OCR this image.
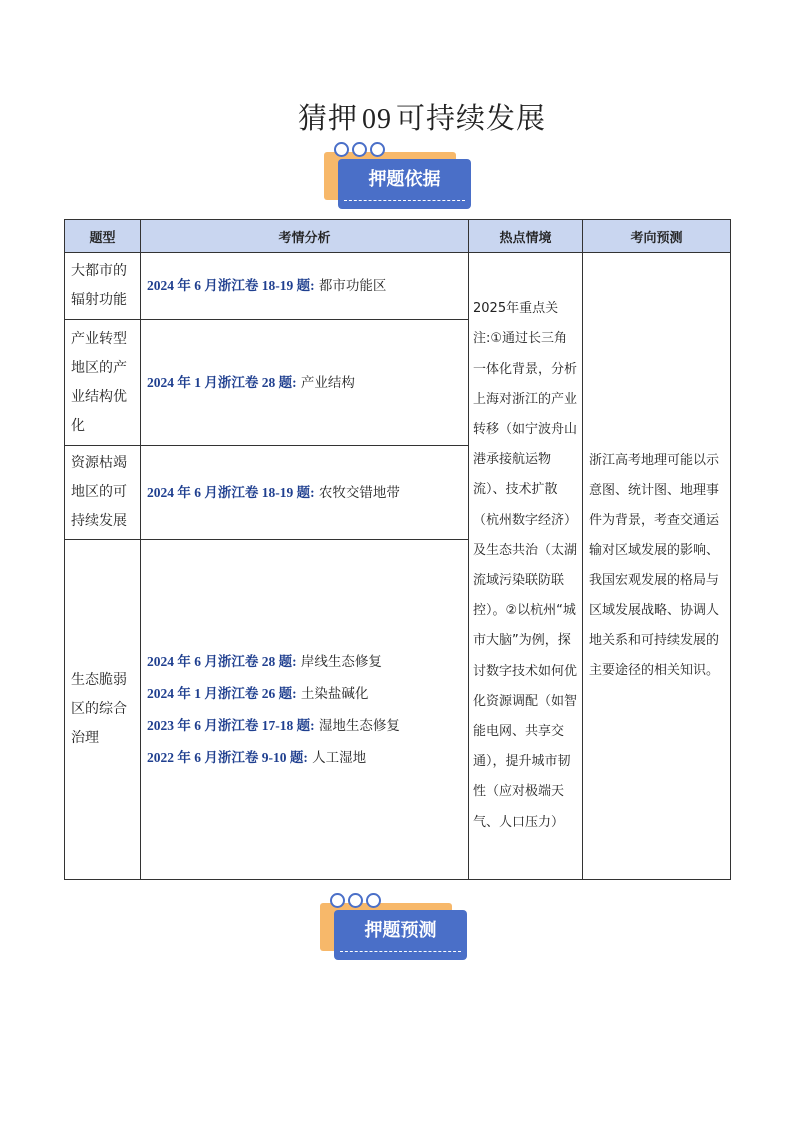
猜押 09 可持续发展
押题依据
题型	考情分析	热点情境	考向预测
大都市的辐射功能	2024 年 6 月浙江卷 18-19 题: 都市功能区	2025年重点关注:①通过长三角一体化背景，分析上海对浙江的产业转移（如宁波舟山港承接航运物流）、技术扩散（杭州数字经济）及生态共治（太湖流域污染联防联控）。②以杭州“城市大脑”为例，探讨数字技术如何优化资源调配（如智能电网、共享交通），提升城市韧性（应对极端天气、人口压力）	浙江高考地理可能以示意图、统计图、地理事件为背景，考查交通运输对区域发展的影响、我国宏观发展的格局与区域发展战略、协调人地关系和可持续发展的主要途径的相关知识。
产业转型地区的产业结构优化	2024 年 1 月浙江卷 28 题: 产业结构		

资源枯竭地区的可持续发展	2024 年 6 月浙江卷 18-19 题: 农牧交错地带		

生态脆弱区的综合治理	2024 年 6 月浙江卷 28 题: 岸线生态修复
2024 年 1 月浙江卷 26 题: 土染盐碱化
2023 年 6 月浙江卷 17-18 题: 湿地生态修复
2022 年 6 月浙江卷 9-10 题: 人工湿地		
押题预测
